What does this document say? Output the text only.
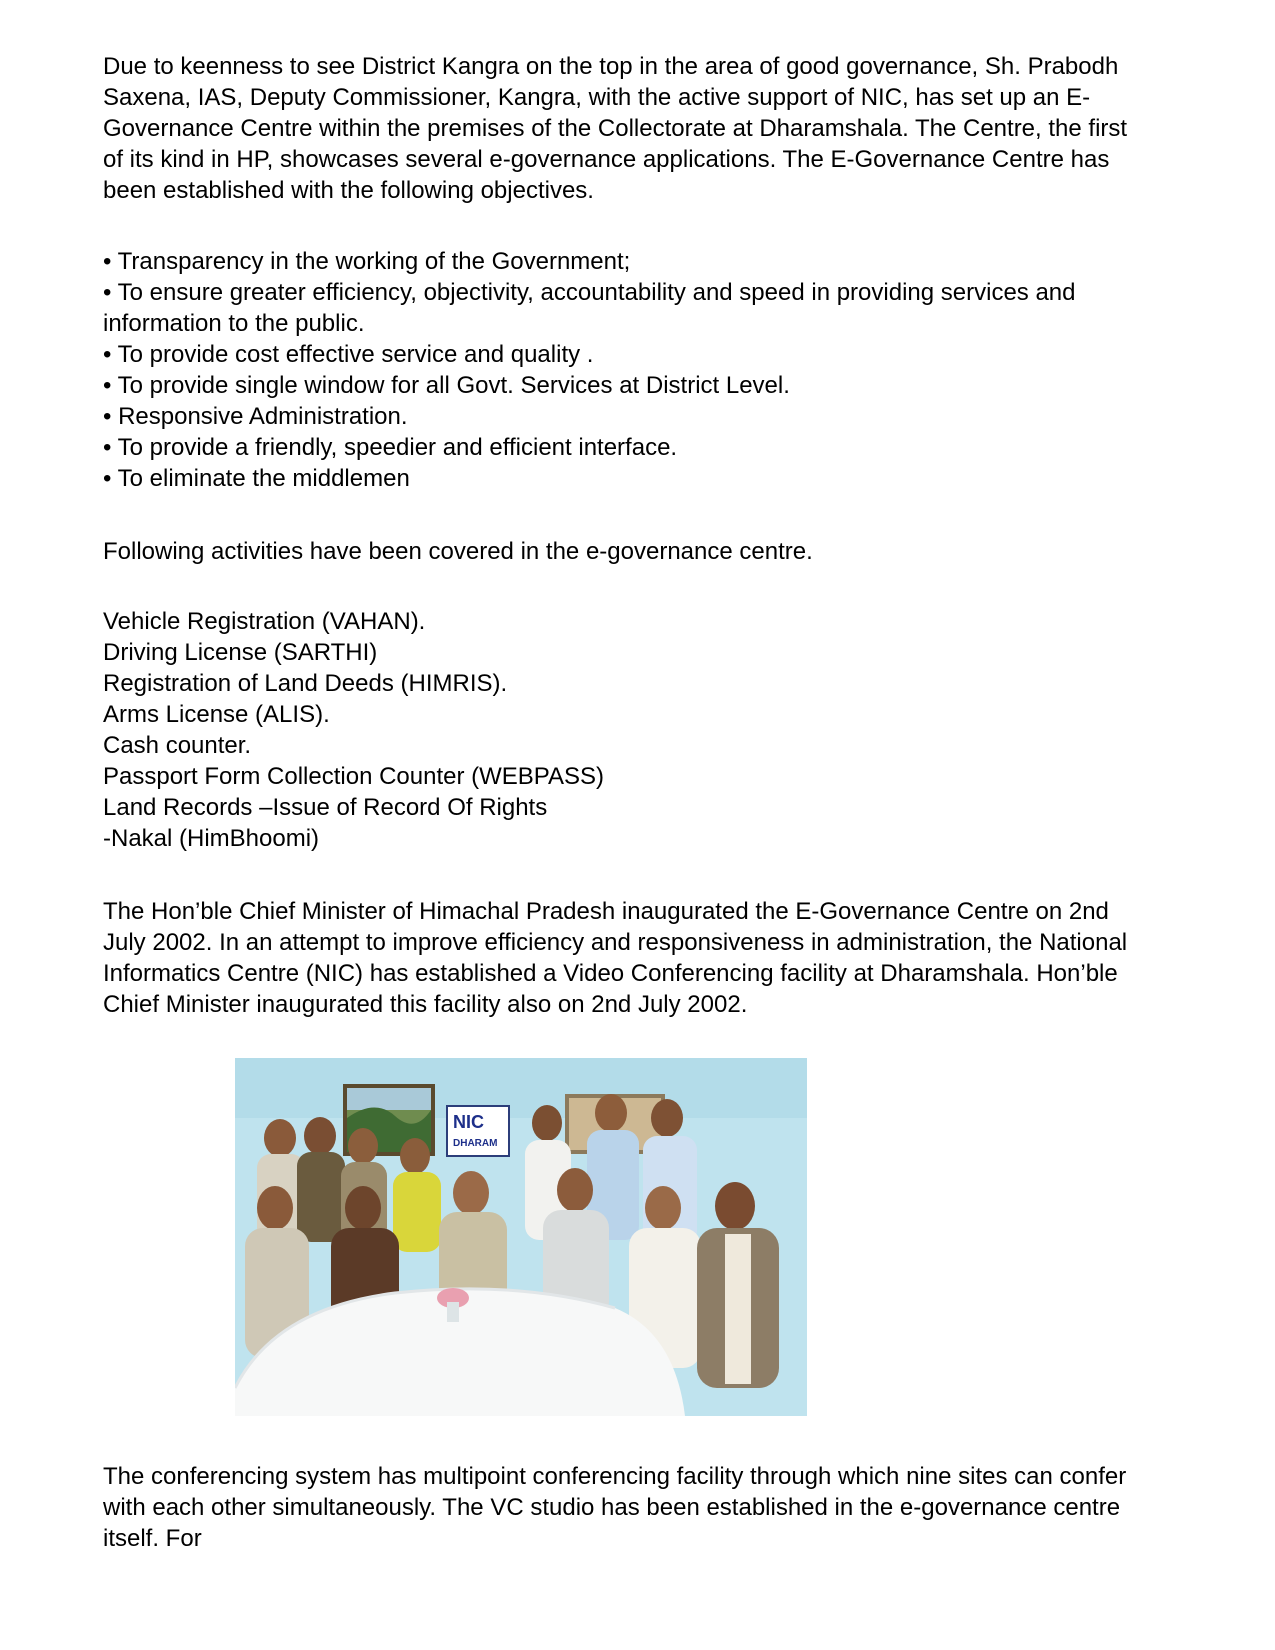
Due to keenness to see District Kangra on the top in the area of good governance, Sh. Prabodh
Saxena, IAS, Deputy Commissioner, Kangra, with the active support of NIC, has set up an E-
Governance Centre within the premises of the Collectorate at Dharamshala. The Centre, the first
of its kind in HP, showcases several e-governance applications. The E-Governance Centre has
been established with the following objectives.
• Transparency in the working of the Government;
• To ensure greater efficiency, objectivity, accountability and speed in providing services and
information to the public.
• To provide cost effective service and quality .
• To provide single window for all Govt. Services at District Level.
• Responsive Administration.
• To provide a friendly, speedier and efficient interface.
• To eliminate the middlemen
Following activities have been covered in the e-governance centre.
Vehicle Registration (VAHAN).
Driving License (SARTHI)
Registration of Land Deeds (HIMRIS).
Arms License (ALIS).
Cash counter.
Passport Form Collection Counter (WEBPASS)
Land Records –Issue of Record Of Rights
-Nakal (HimBhoomi)
The Hon’ble Chief Minister of Himachal Pradesh inaugurated the E-Governance Centre on 2nd
July 2002. In an attempt to improve efficiency and responsiveness in administration, the National
Informatics Centre (NIC) has established a Video Conferencing facility at Dharamshala. Hon’ble
Chief Minister inaugurated this facility also on 2nd July 2002.
NIC
DHARAM
The conferencing system has multipoint conferencing facility through which nine sites can confer
with each other simultaneously. The VC studio has been established in the e-governance centre
itself. For
